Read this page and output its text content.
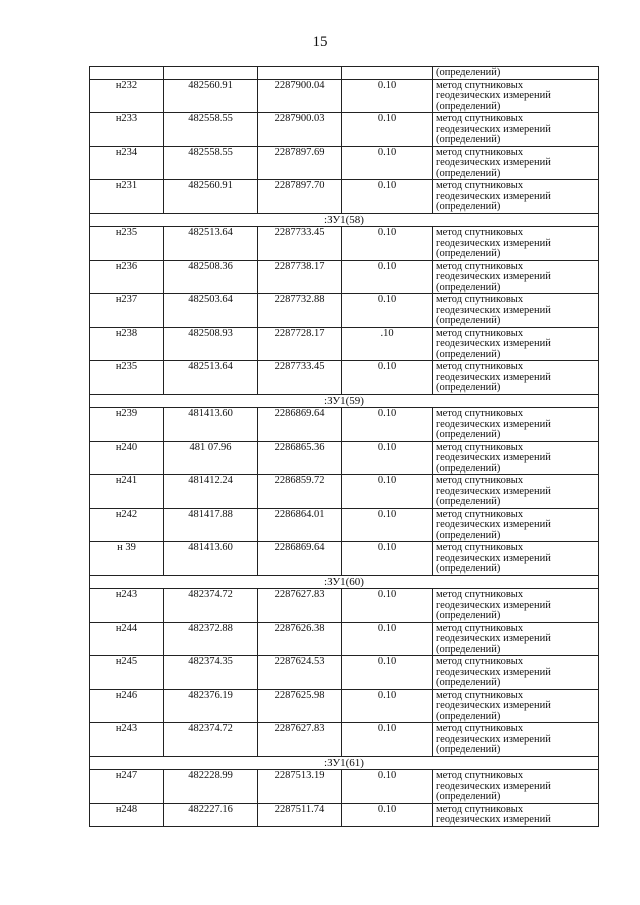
15

				(определений)

н232	482560.91	2287900.04	0.10	метод спутниковых
геодезических измерений
(определений)

н233	482558.55	2287900.03	0.10	метод спутниковых
геодезических измерений
(определений)

н234	482558.55	2287897.69	0.10	метод спутниковых
геодезических измерений
(определений)

н231	482560.91	2287897.70	0.10	метод спутниковых
геодезических измерений
(определений)

:ЗУ1(58)				
н235	482513.64	2287733.45	0.10	метод спутниковых
геодезических измерений
(определений)

н236	482508.36	2287738.17	0.10	метод спутниковых
геодезических измерений
(определений)

н237	482503.64	2287732.88	0.10	метод спутниковых
геодезических измерений
(определений)

н238	482508.93	2287728.17	.10	метод спутниковых
геодезических измерений
(определений)

н235	482513.64	2287733.45	0.10	метод спутниковых
геодезических измерений
(определений)

:ЗУ1(59)				
н239	481413.60	2286869.64	0.10	метод спутниковых
геодезических измерений
(определений)

н240	481 07.96	2286865.36	0.10	метод спутниковых
геодезических измерений
(определений)

н241	481412.24	2286859.72	0.10	метод спутниковых
геодезических измерений
(определений)

н242	481417.88	2286864.01	0.10	метод спутниковых
геодезических измерений
(определений)

н 39	481413.60	2286869.64	0.10	метод спутниковых
геодезических измерений
(определений)

:ЗУ1(60)				
н243	482374.72	2287627.83	0.10	метод спутниковых
геодезических измерений
(определений)

н244	482372.88	2287626.38	0.10	метод спутниковых
геодезических измерений
(определений)

н245	482374.35	2287624.53	0.10	метод спутниковых
геодезических измерений
(определений)

н246	482376.19	2287625.98	0.10	метод спутниковых
геодезических измерений
(определений)

н243	482374.72	2287627.83	0.10	метод спутниковых
геодезических измерений
(определений)

:ЗУ1(61)				
н247	482228.99	2287513.19	0.10	метод спутниковых
геодезических измерений
(определений)

н248	482227.16	2287511.74	0.10	метод спутниковых
геодезических измерений
